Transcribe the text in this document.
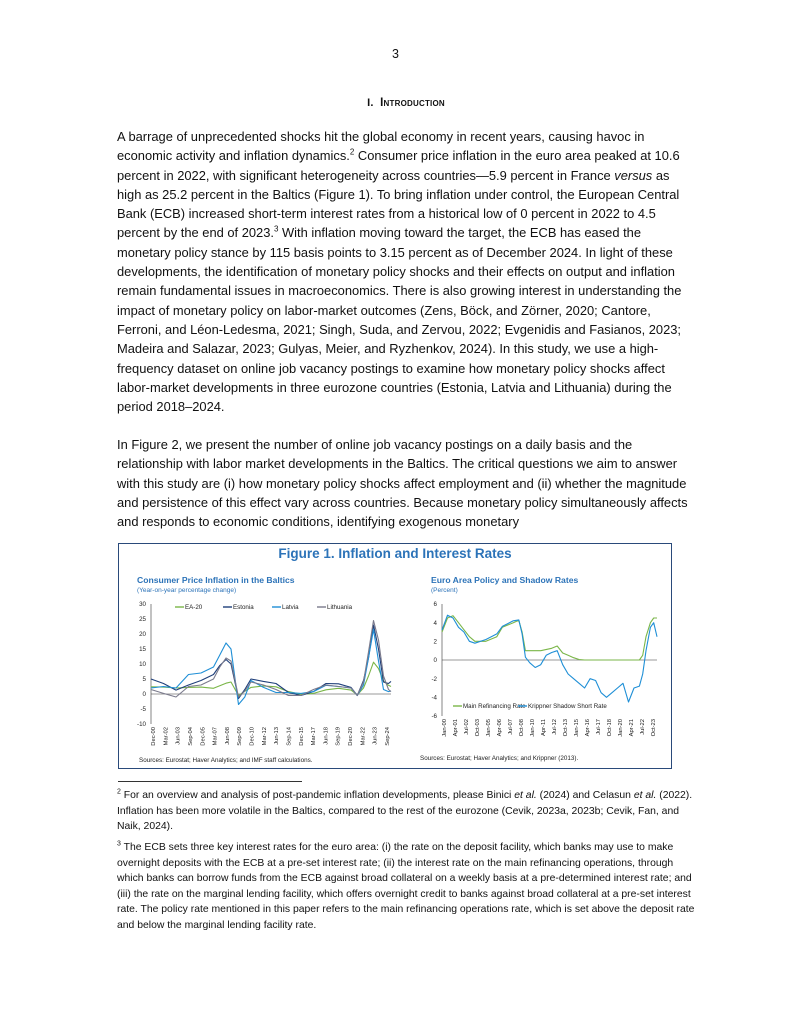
3
I. Introduction

A barrage of unprecedented shocks hit the global economy in recent years, causing havoc in economic activity and inflation dynamics.$^2$ Consumer price inflation in the euro area peaked at 10.6 percent in 2022, with significant heterogeneity across countries—5.9 percent in France versus as high as 25.2 percent in the Baltics (Figure 1). To bring inflation under control, the European Central Bank (ECB) increased short-term interest rates from a historical low of 0 percent in 2022 to 4.5 percent by the end of 2023.$^3$ With inflation moving toward the target, the ECB has eased the monetary policy stance by 115 basis points to 3.15 percent as of December 2024. In light of these developments, the identification of monetary policy shocks and their effects on output and inflation remain fundamental issues in macroeconomics. There is also growing interest in understanding the impact of monetary policy on labor-market outcomes (Zens, Böck, and Zörner, 2020; Cantore, Ferroni, and Léon-Ledesma, 2021; Singh, Suda, and Zervou, 2022; Evgenidis and Fasianos, 2023; Madeira and Salazar, 2023; Gulyas, Meier, and Ryzhenkov, 2024). In this study, we use a high-frequency dataset on online job vacancy postings to examine how monetary policy shocks affect labor-market developments in three eurozone countries (Estonia, Latvia and Lithuania) during the period 2018–2024.

In Figure 2, we present the number of online job vacancy postings on a daily basis and the relationship with labor market developments in the Baltics. The critical questions we aim to answer with this study are (i) how monetary policy shocks affect employment and (ii) whether the magnitude and persistence of this effect vary across countries. Because monetary policy simultaneously affects and responds to economic conditions, identifying exogenous monetary

Figure 1. Inflation and Interest Rates
Consumer Price Inflation in the Baltics
(Year-on-year percentage change)
30
25
20
15
10
5
0
-5
-10
Dec-00 Mar-02 Jun-03 Sep-04 Dec-05 Mar-07 Jun-08 Sep-09 Dec-10 Mar-12 Jun-13 Sep-14 Dec-15 Mar-17 Jun-18 Sep-19 Dec-20 Mar-22 Jun-23 Sep-24
EA-20	Estonia	Latvia	Lithuania	6
4
2
0
-2
-4
-6
Jan-00 Apr-01 Jul-02 Oct-03 Jan-05 Apr-06 Jul-07 Oct-08 Jan-10 Apr-11 Jul-12 Oct-13 Jan-15 Apr-16 Jul-17 Oct-18 Jan-20 Apr-21 Jul-22 Oct-23
Main Refinancing Rate Krippner Shadow Short Rate
Sources: Eurostat; Haver Analytics; and IMF staff calculations.
Euro Area Policy and Shadow Rates
(Percent)
Sources: Eurostat; Haver Analytics; and Krippner (2013).

$^2$ For an overview and analysis of post-pandemic inflation developments, please Binici et al. (2024) and Celasun et al. (2022). Inflation has been more volatile in the Baltics, compared to the rest of the eurozone (Cevik, 2023a, 2023b; Cevik, Fan, and Naik, 2024).

$^3$ The ECB sets three key interest rates for the euro area: (i) the rate on the deposit facility, which banks may use to make overnight deposits with the ECB at a pre-set interest rate; (ii) the interest rate on the main refinancing operations, through which banks can borrow funds from the ECB against broad collateral on a weekly basis at a pre-determined interest rate; and (iii) the rate on the marginal lending facility, which offers overnight credit to banks against broad collateral at a pre-set interest rate. The policy rate mentioned in this paper refers to the main refinancing operations rate, which is set above the deposit rate and below the marginal lending facility rate.
